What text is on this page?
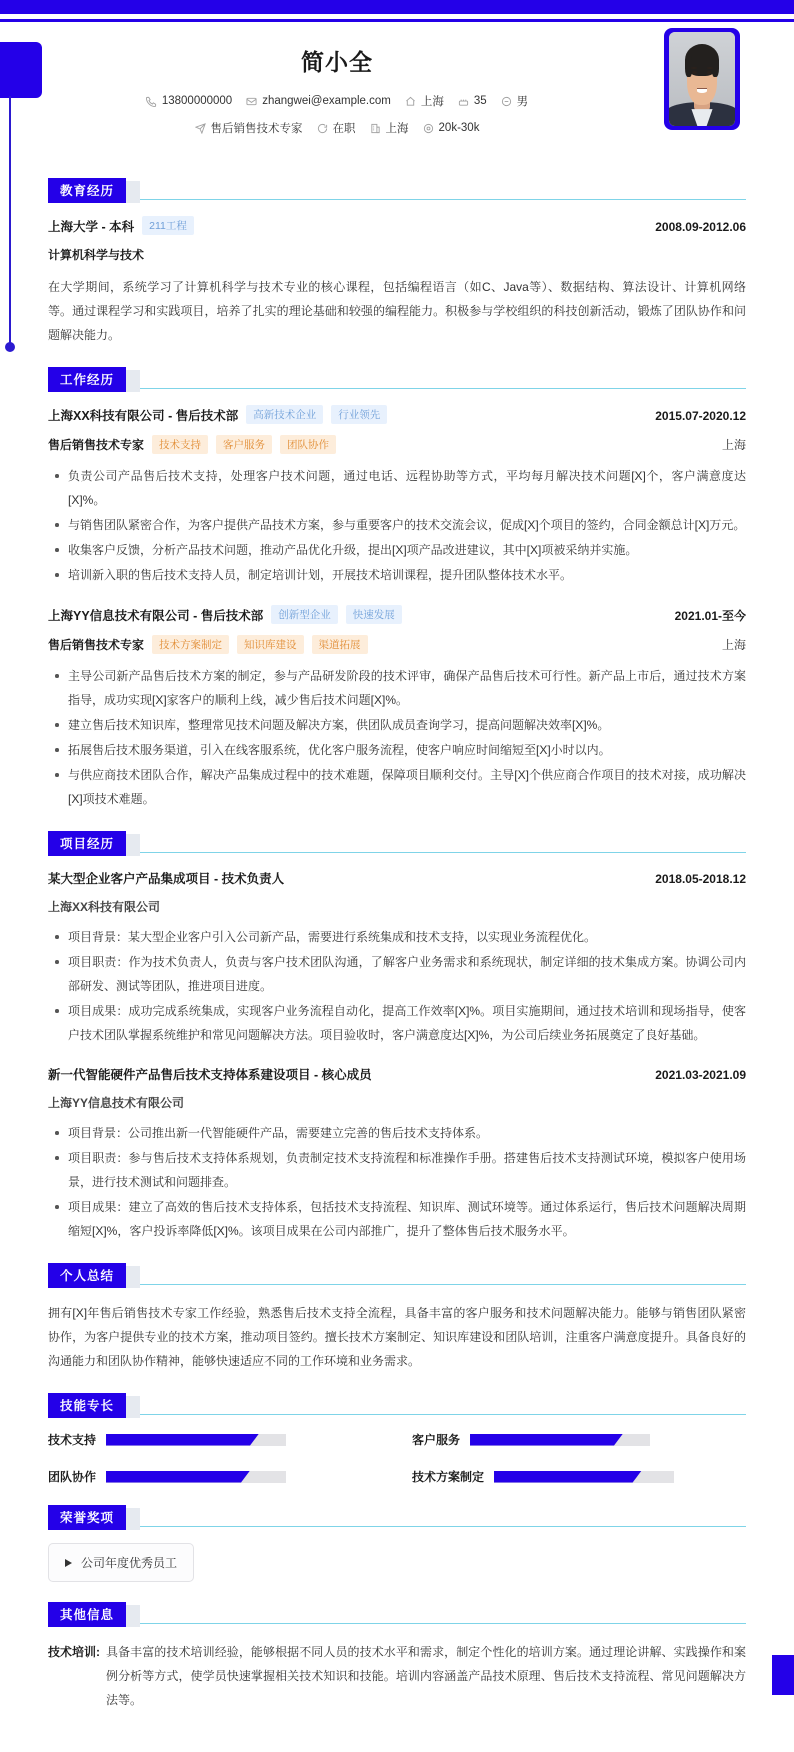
简小全
13800000000	zhangwei@example.com	上海	35	男
售后销售技术专家	在职	上海	20k-30k
教育经历
上海大学 - 本科	211工程	2008.09-2012.06
计算机科学与技术
在大学期间，系统学习了计算机科学与技术专业的核心课程，包括编程语言（如C、Java等）、数据结构、算法设计、计算机网络等。通过课程学习和实践项目，培养了扎实的理论基础和较强的编程能力。积极参与学校组织的科技创新活动，锻炼了团队协作和问题解决能力。
工作经历
上海XX科技有限公司 - 售后技术部	高新技术企业	行业领先	2015.07-2020.12
售后销售技术专家	技术支持	客户服务	团队协作	上海
负责公司产品售后技术支持，处理客户技术问题，通过电话、远程协助等方式，平均每月解决技术问题[X]个，客户满意度达[X]%。
与销售团队紧密合作，为客户提供产品技术方案，参与重要客户的技术交流会议，促成[X]个项目的签约，合同金额总计[X]万元。
收集客户反馈，分析产品技术问题，推动产品优化升级，提出[X]项产品改进建议，其中[X]项被采纳并实施。
培训新入职的售后技术支持人员，制定培训计划，开展技术培训课程，提升团队整体技术水平。
上海YY信息技术有限公司 - 售后技术部	创新型企业	快速发展	2021.01-至今
售后销售技术专家	技术方案制定	知识库建设	渠道拓展	上海
主导公司新产品售后技术方案的制定，参与产品研发阶段的技术评审，确保产品售后技术可行性。新产品上市后，通过技术方案指导，成功实现[X]家客户的顺利上线，减少售后技术问题[X]%。
建立售后技术知识库，整理常见技术问题及解决方案，供团队成员查询学习，提高问题解决效率[X]%。
拓展售后技术服务渠道，引入在线客服系统，优化客户服务流程，使客户响应时间缩短至[X]小时以内。
与供应商技术团队合作，解决产品集成过程中的技术难题，保障项目顺利交付。主导[X]个供应商合作项目的技术对接，成功解决[X]项技术难题。
项目经历
某大型企业客户产品集成项目 - 技术负责人	2018.05-2018.12
上海XX科技有限公司
项目背景：某大型企业客户引入公司新产品，需要进行系统集成和技术支持，以实现业务流程优化。
项目职责：作为技术负责人，负责与客户技术团队沟通，了解客户业务需求和系统现状，制定详细的技术集成方案。协调公司内部研发、测试等团队，推进项目进度。
项目成果：成功完成系统集成，实现客户业务流程自动化，提高工作效率[X]%。项目实施期间，通过技术培训和现场指导，使客户技术团队掌握系统维护和常见问题解决方法。项目验收时，客户满意度达[X]%，为公司后续业务拓展奠定了良好基础。
新一代智能硬件产品售后技术支持体系建设项目 - 核心成员	2021.03-2021.09
上海YY信息技术有限公司
项目背景：公司推出新一代智能硬件产品，需要建立完善的售后技术支持体系。
项目职责：参与售后技术支持体系规划，负责制定技术支持流程和标准操作手册。搭建售后技术支持测试环境，模拟客户使用场景，进行技术测试和问题排查。
项目成果：建立了高效的售后技术支持体系，包括技术支持流程、知识库、测试环境等。通过体系运行，售后技术问题解决周期缩短[X]%，客户投诉率降低[X]%。该项目成果在公司内部推广，提升了整体售后技术服务水平。
个人总结
拥有[X]年售后销售技术专家工作经验，熟悉售后技术支持全流程，具备丰富的客户服务和技术问题解决能力。能够与销售团队紧密协作，为客户提供专业的技术方案，推动项目签约。擅长技术方案制定、知识库建设和团队培训，注重客户满意度提升。具备良好的沟通能力和团队协作精神，能够快速适应不同的工作环境和业务需求。
技能专长
技术支持	客户服务
团队协作	技术方案制定
荣誉奖项
公司年度优秀员工
其他信息
技术培训: 具备丰富的技术培训经验，能够根据不同人员的技术水平和需求，制定个性化的培训方案。通过理论讲解、实践操作和案例分析等方式，使学员快速掌握相关技术知识和技能。培训内容涵盖产品技术原理、售后技术支持流程、常见问题解决方法等。
